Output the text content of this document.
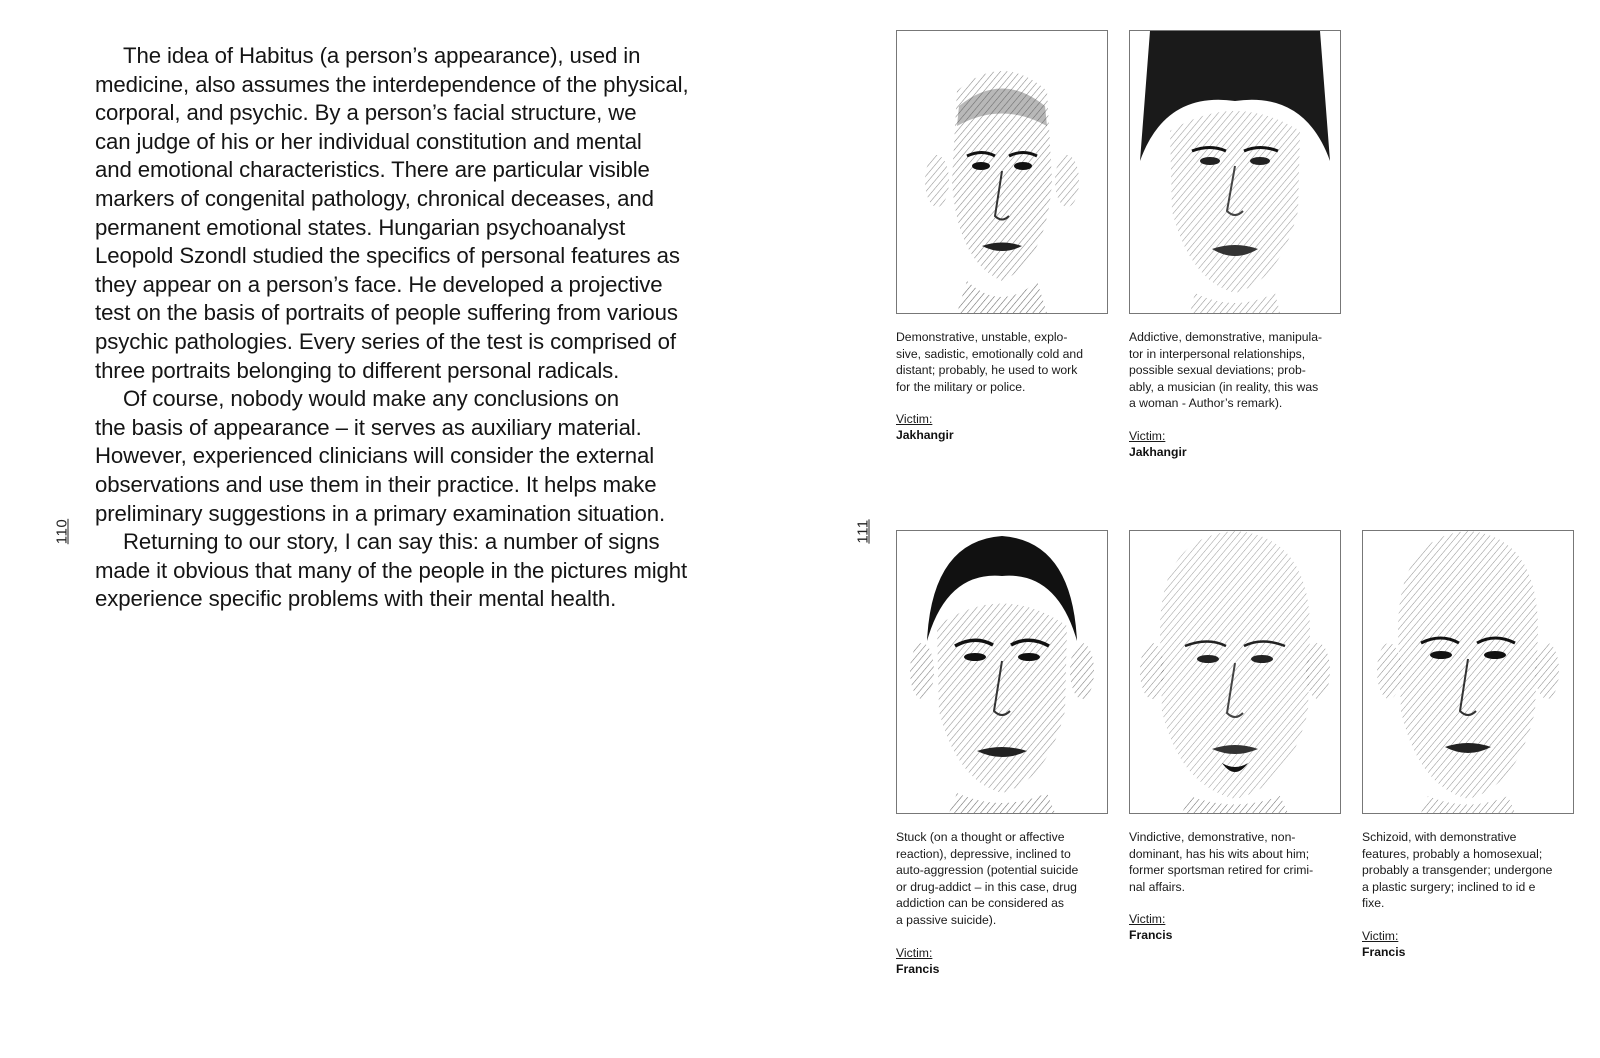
110

The idea of Habitus (a person’s appearance), used in
medicine, also assumes the interdependence of the physical,
corporal, and psychic. By a person’s facial structure, we
can judge of his or her individual constitution and mental
and emotional characteristics. There are particular visible
markers of congenital pathology, chronical deceases, and
permanent emotional states. Hungarian psychoanalyst
Leopold Szondl studied the specifics of personal features as
they appear on a person’s face. He developed a projective
test on the basis of portraits of people suffering from various
psychic pathologies. Every series of the test is comprised of
three portraits belonging to different personal radicals.

Of course, nobody would make any conclusions on
the basis of appearance – it serves as auxiliary material.
However, experienced clinicians will consider the external
observations and use them in their practice. It helps make
preliminary suggestions in a primary examination situation.

Returning to our story, I can say this: a number of signs
made it obvious that many of the people in the pictures might
experience specific problems with their mental health.

111
Demonstrative, unstable, explo-
sive, sadistic, emotionally cold and
distant; probably, he used to work
for the military or police.
Victim:
Jakhangir
Addictive, demonstrative, manipula-
tor in interpersonal relationships,
possible sexual deviations; prob-
ably, a musician (in reality, this was
a woman - Author’s remark).
Victim:
Jakhangir
Stuck (on a thought or affective
reaction), depressive, inclined to
auto-aggression (potential suicide
or drug-addict – in this case, drug
addiction can be considered as
a passive suicide).
Victim:
Francis
Vindictive, demonstrative, non-
dominant, has his wits about him;
former sportsman retired for crimi-
nal affairs.
Victim:
Francis
Schizoid, with demonstrative
features, probably a homosexual;
probably a transgender; undergone
a plastic surgery; inclined to id e
fixe.
Victim:
Francis
